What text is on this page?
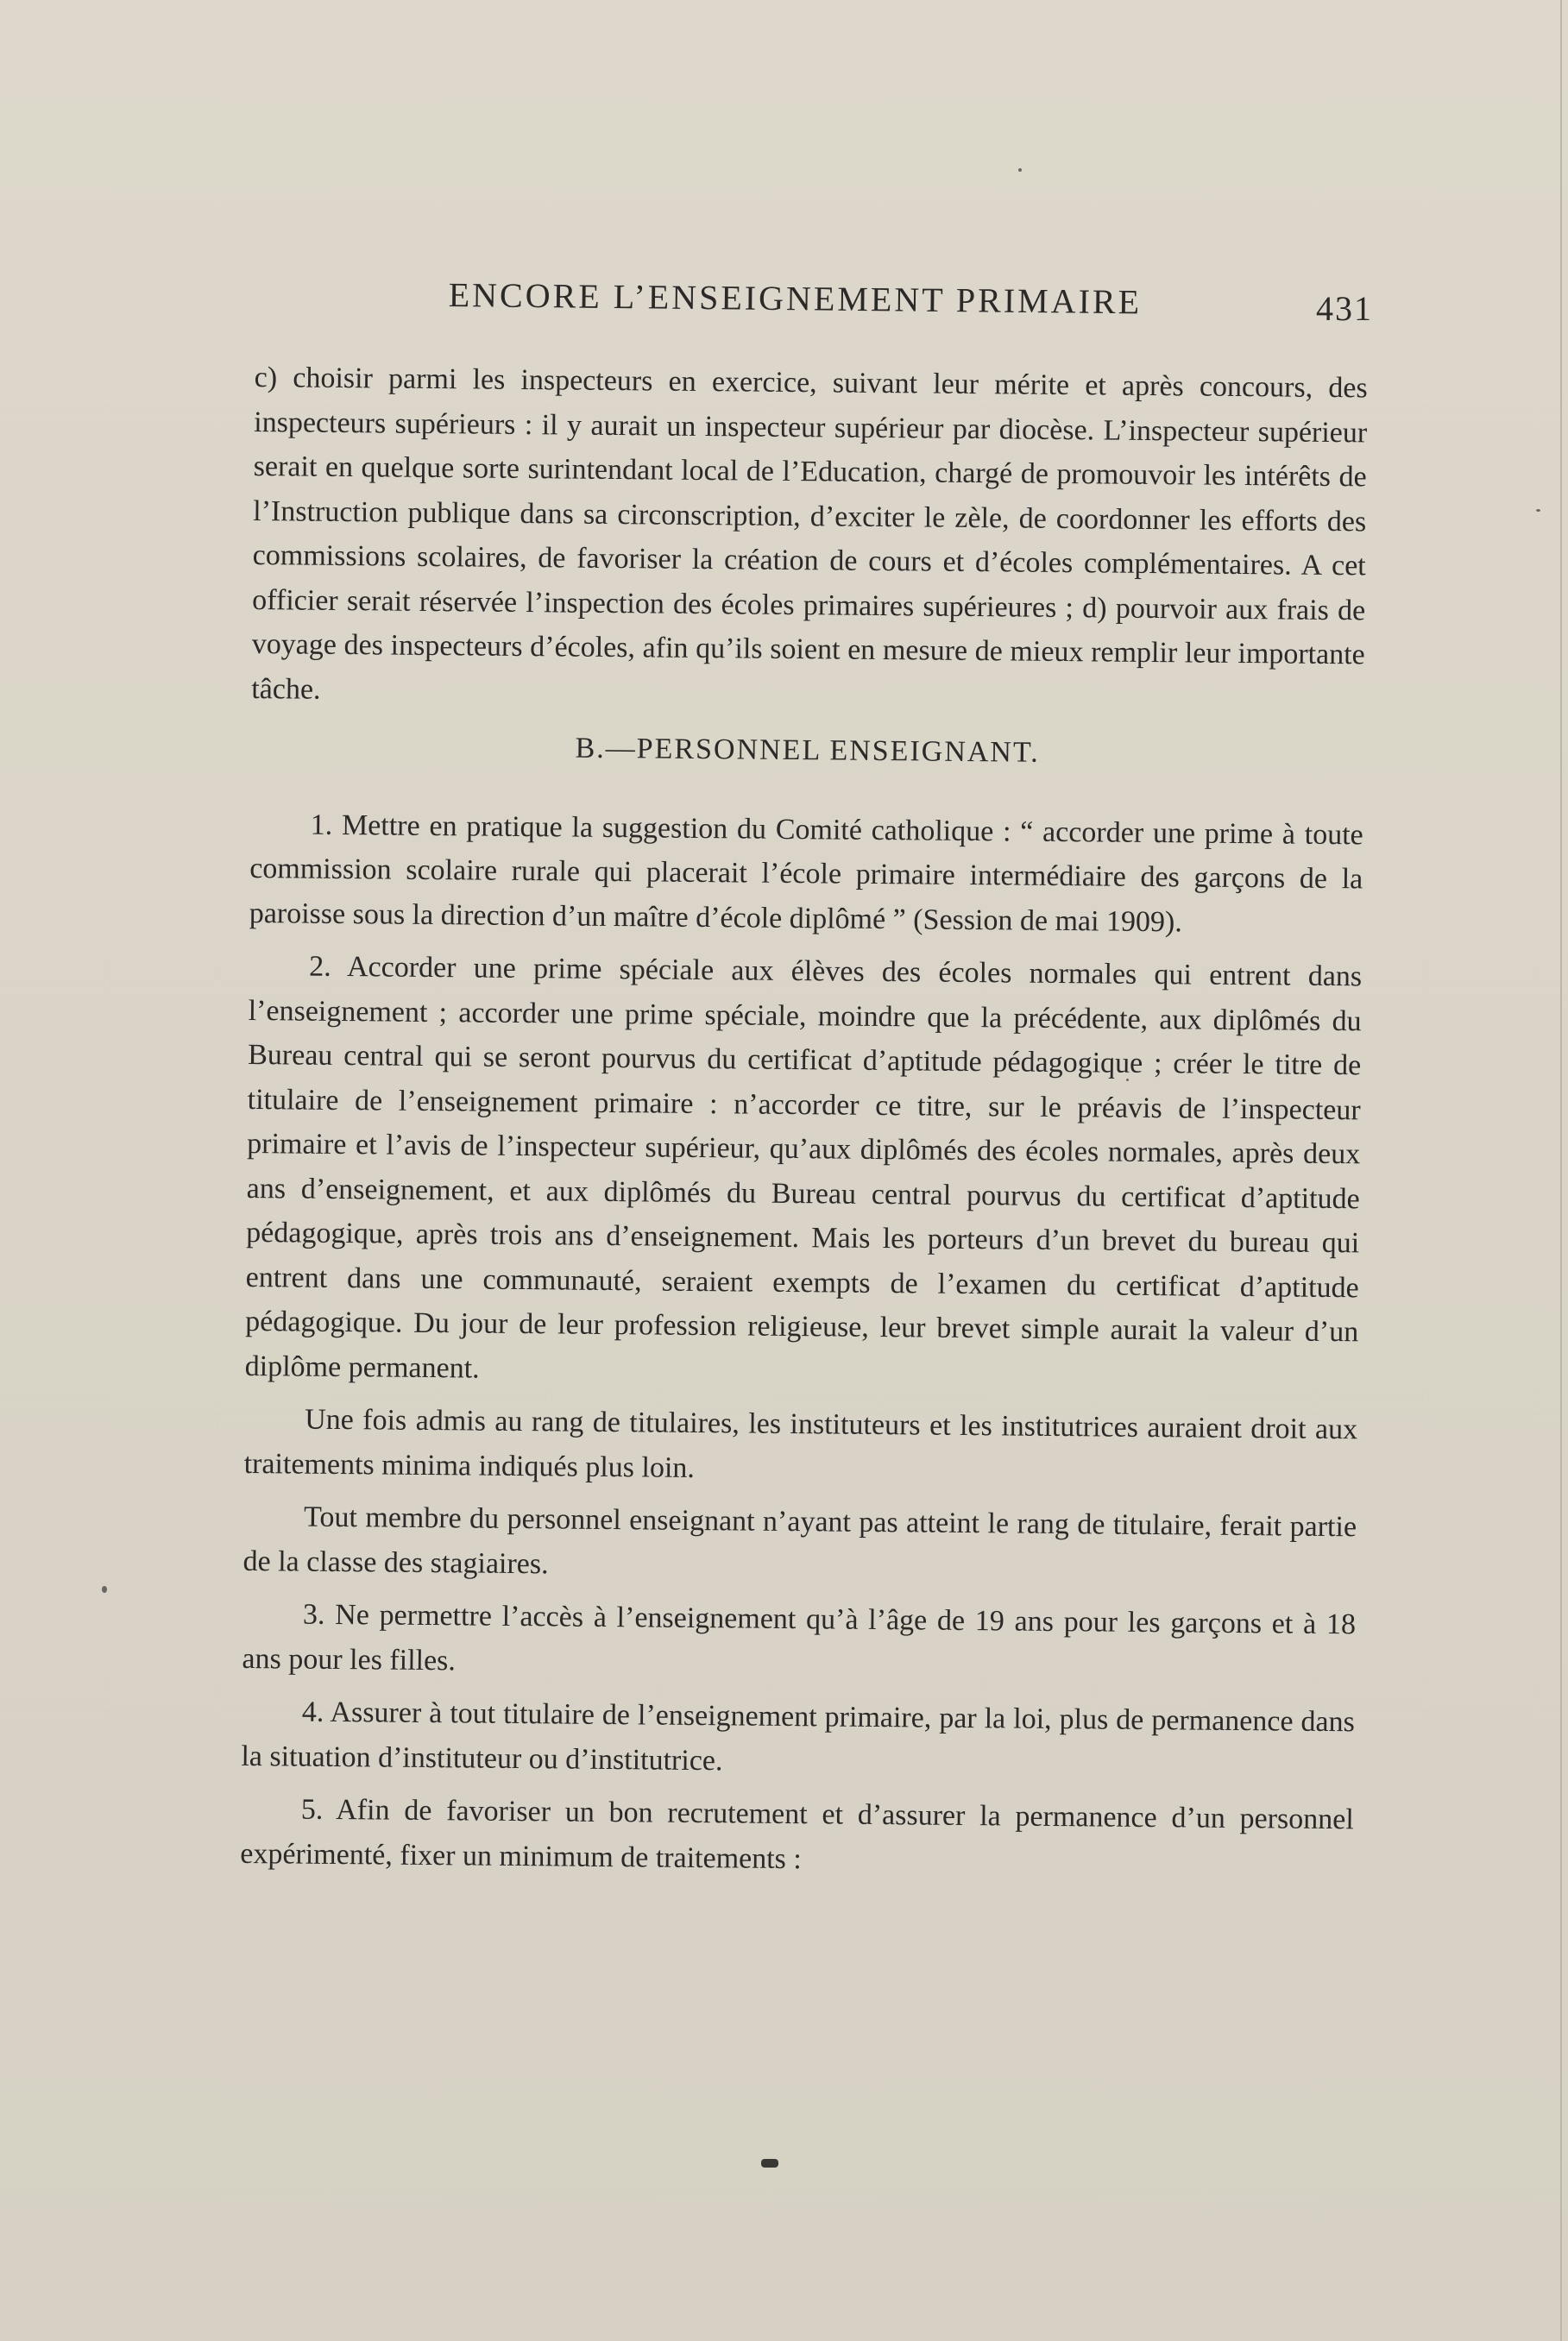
ENCORE L’ENSEIGNEMENT PRIMAIRE	431

c) choisir parmi les inspecteurs en exercice, suivant leur mérite et après concours, des inspecteurs supérieurs : il y aurait un inspecteur supérieur par diocèse. L’inspecteur supérieur serait en quelque sorte surintendant local de l’Education, chargé de promouvoir les intérêts de l’Instruction publique dans sa circonscription, d’exciter le zèle, de coordonner les efforts des commissions scolaires, de favoriser la création de cours et d’écoles complémentaires. A cet officier serait réservée l’inspection des écoles primaires supérieures ; d) pourvoir aux frais de voyage des inspecteurs d’écoles, afin qu’ils soient en mesure de mieux remplir leur importante tâche.

B.—PERSONNEL ENSEIGNANT.

1. Mettre en pratique la suggestion du Comité catholique : “ accorder une prime à toute commission scolaire rurale qui placerait l’école primaire intermédiaire des garçons de la paroisse sous la direction d’un maître d’école diplômé ” (Session de mai 1909).

2. Accorder une prime spéciale aux élèves des écoles normales qui entrent dans l’enseignement ; accorder une prime spéciale, moindre que la précédente, aux diplômés du Bureau central qui se seront pourvus du certificat d’aptitude pédagogique ; créer le titre de titulaire de l’enseignement primaire : n’accorder ce titre, sur le préavis de l’inspecteur primaire et l’avis de l’inspecteur supérieur, qu’aux diplômés des écoles normales, après deux ans d’enseignement, et aux diplômés du Bureau central pourvus du certificat d’aptitude pédagogique, après trois ans d’enseignement. Mais les porteurs d’un brevet du bureau qui entrent dans une communauté, seraient exempts de l’examen du certificat d’aptitude pédagogique. Du jour de leur profession religieuse, leur brevet simple aurait la valeur d’un diplôme permanent.

Une fois admis au rang de titulaires, les instituteurs et les institutrices auraient droit aux traitements minima indiqués plus loin.

Tout membre du personnel enseignant n’ayant pas atteint le rang de titulaire, ferait partie de la classe des stagiaires.

3. Ne permettre l’accès à l’enseignement qu’à l’âge de 19 ans pour les garçons et à 18 ans pour les filles.

4. Assurer à tout titulaire de l’enseignement primaire, par la loi, plus de permanence dans la situation d’instituteur ou d’institutrice.

5. Afin de favoriser un bon recrutement et d’assurer la permanence d’un personnel expérimenté, fixer un minimum de traitements :
